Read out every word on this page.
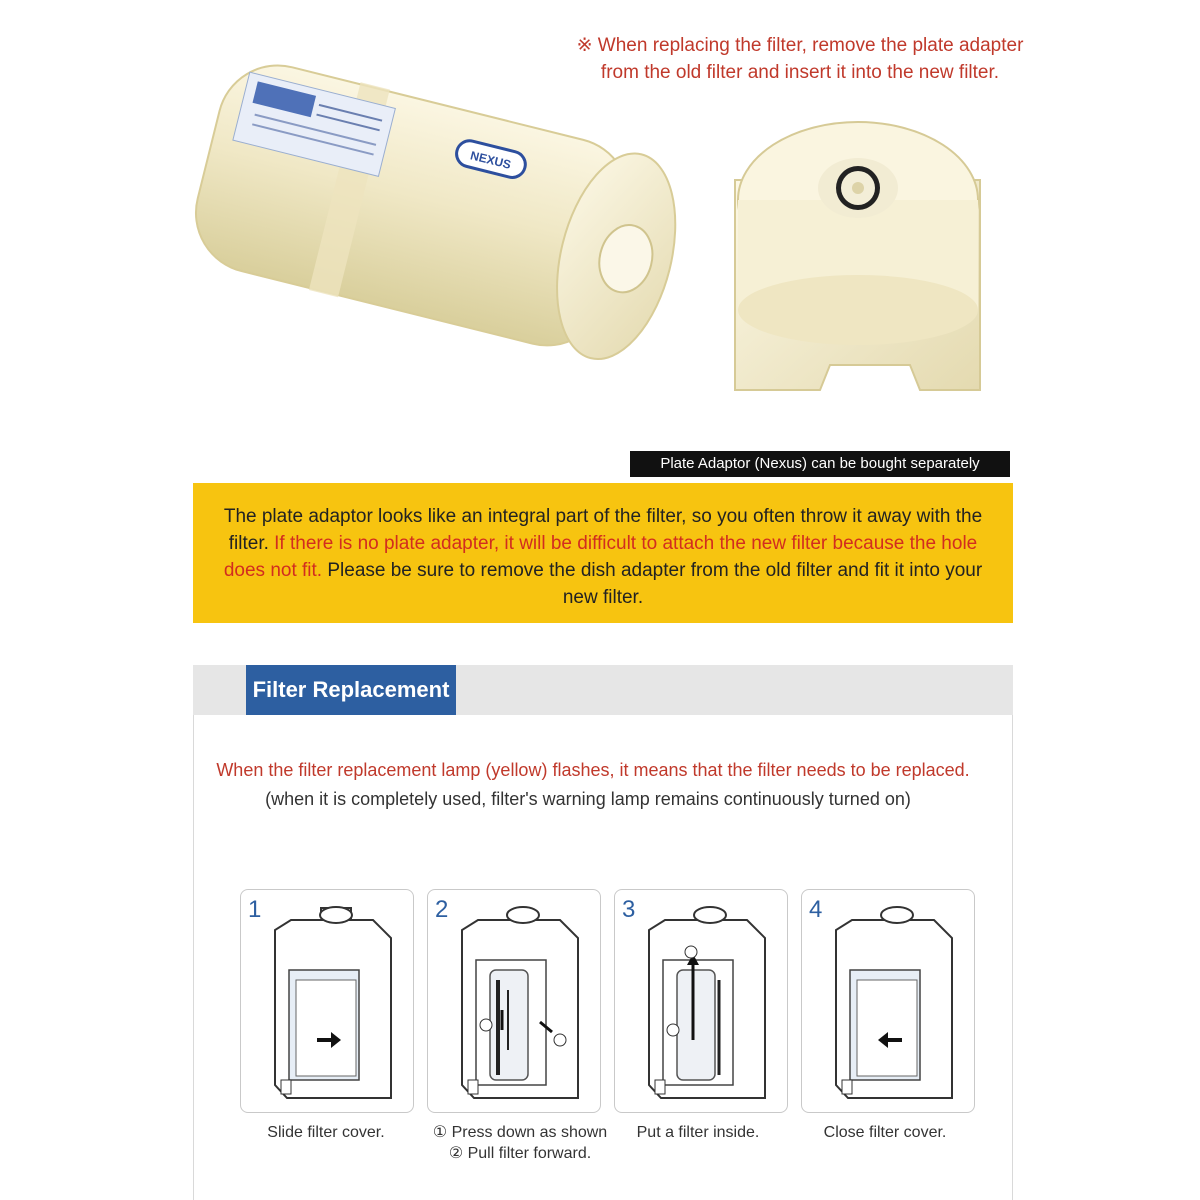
※ When replacing the filter, remove the plate adapter
from the old filter and insert it into the new filter.
NEXUS
Plate Adaptor (Nexus) can be bought separately

The plate adaptor looks like an integral part of the filter, so you often throw it away with the filter. If there is no plate adapter, it will be difficult to attach the new filter because the hole does not fit. Please be sure to remove the dish adapter from the old filter and fit it into your new filter.

Filter Replacement
When the filter replacement lamp (yellow) flashes, it means that the filter needs to be replaced.
(when it is completely used, filter's warning lamp remains continuously turned on)
1	2	3	4
Slide filter cover.	① Press down as shown
② Pull filter forward.
Put a filter inside.	Close filter cover.
